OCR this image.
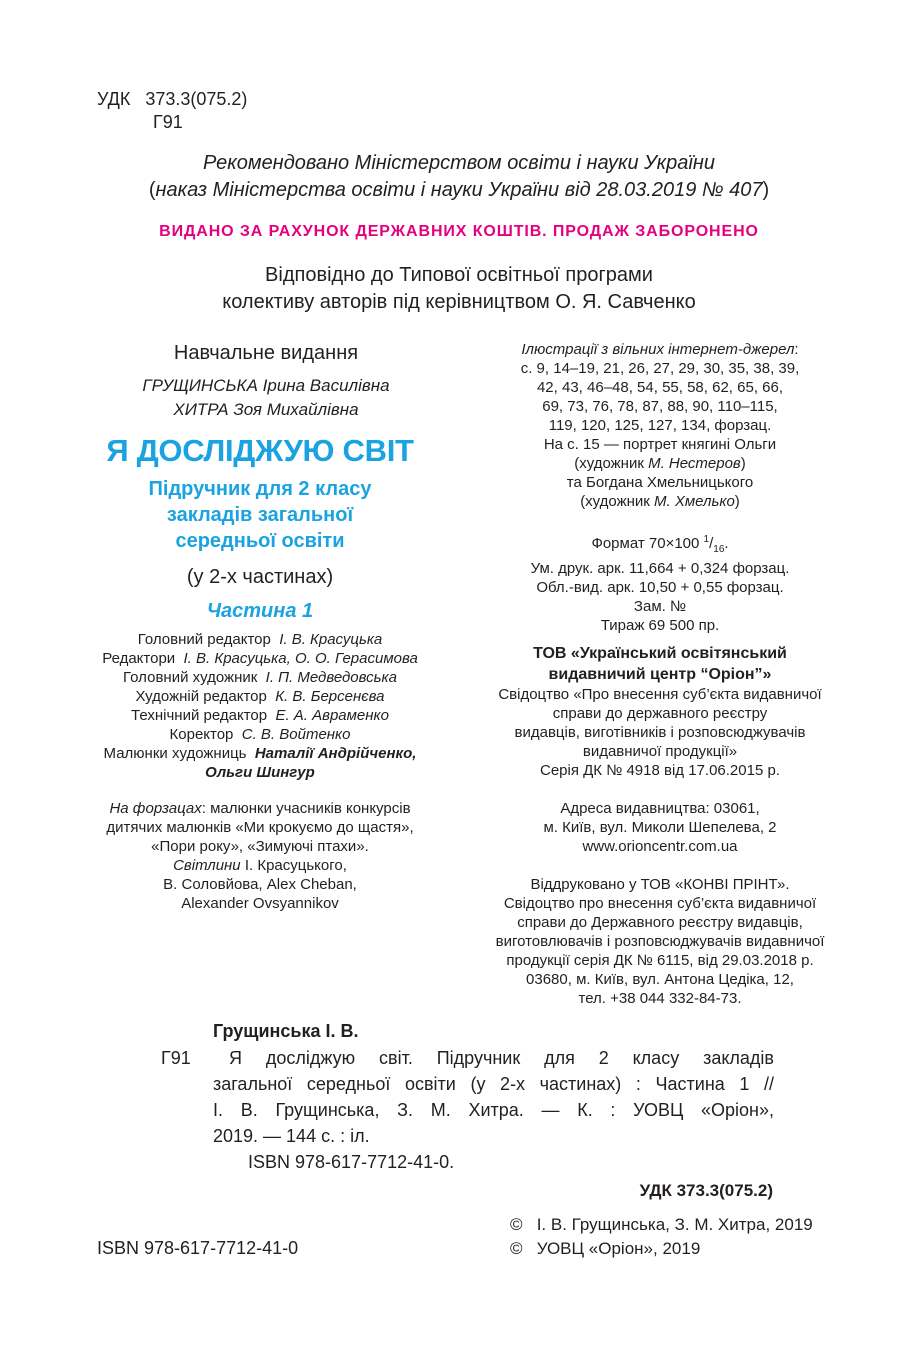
УДК 373.3(075.2)
Г91
Рекомендовано Міністерством освіти і науки України
(наказ Міністерства освіти і науки України від 28.03.2019 № 407)
ВИДАНО ЗА РАХУНОК ДЕРЖАВНИХ КОШТІВ. ПРОДАЖ ЗАБОРОНЕНО
Відповідно до Типової освітньої програми
колективу авторів під керівництвом О. Я. Савченко
Навчальне видання
ГРУЩИНСЬКА Ірина Василівна
ХИТРА Зоя Михайлівна
Я ДОСЛІДЖУЮ СВІТ
Підручник для 2 класу
закладів загальної
середньої освіти
(у 2-х частинах)
Частина 1
Головний редактор І. В. Красуцька
Редактори І. В. Красуцька, О. О. Герасимова
Головний художник І. П. Медведовська
Художній редактор К. В. Берсенєва
Технічний редактор Е. А. Авраменко
Коректор С. В. Войтенко
Малюнки художниць Наталії Андрійченко,
Ольги Шингур
На форзацах: малюнки учасників конкурсів
дитячих малюнків «Ми крокуємо до щастя»,
«Пори року», «Зимуючі птахи».
Світлини І. Красуцького,
В. Соловйова, Alex Cheban,
Alexander Ovsyannikov
Ілюстрації з вільних інтернет-джерел:
с. 9, 14–19, 21, 26, 27, 29, 30, 35, 38, 39,
42, 43, 46–48, 54, 55, 58, 62, 65, 66,
69, 73, 76, 78, 87, 88, 90, 110–115,
119, 120, 125, 127, 134, форзац.
На с. 15 — портрет княгині Ольги
(художник М. Нестеров)
та Богдана Хмельницького
(художник М. Хмелько)
Формат 70×100 $^1/_{16}$.
Ум. друк. арк. 11,664 + 0,324 форзац.
Обл.-вид. арк. 10,50 + 0,55 форзац.
Зам. №
Тираж 69 500 пр.
ТОВ «Український освітянський
видавничий центр “Оріон”»
Свідоцтво «Про внесення суб’єкта видавничої
справи до державного реєстру
видавців, виготівників і розповсюджувачів
видавничої продукції»
Серія ДК № 4918 від 17.06.2015 р.
Адреса видавництва: 03061,
м. Київ, вул. Миколи Шепелева, 2
www.orioncentr.com.ua
Віддруковано у ТОВ «КОНВІ ПРІНТ».
Свідоцтво про внесення суб’єкта видавничої
справи до Державного реєстру видавців,
виготовлювачів і розповсюджувачів видавничої
продукції серія ДК № 6115, від 29.03.2018 р.
03680, м. Київ, вул. Антона Цедіка, 12,
тел. +38 044 332-84-73.
Грущинська І. В.
Г91	Я досліджую світ. Підручник для 2 класу закладів
загальної середньої освіти (у 2-х частинах) : Частина 1 //
І. В. Грущинська, З. М. Хитра. — К. : УОВЦ «Оріон»,
2019. — 144 с. : іл.
ISBN 978-617-7712-41-0.
УДК 373.3(075.2)
ISBN 978-617-7712-41-0
© І. В. Грущинська, З. М. Хитра, 2019
© УОВЦ «Оріон», 2019
